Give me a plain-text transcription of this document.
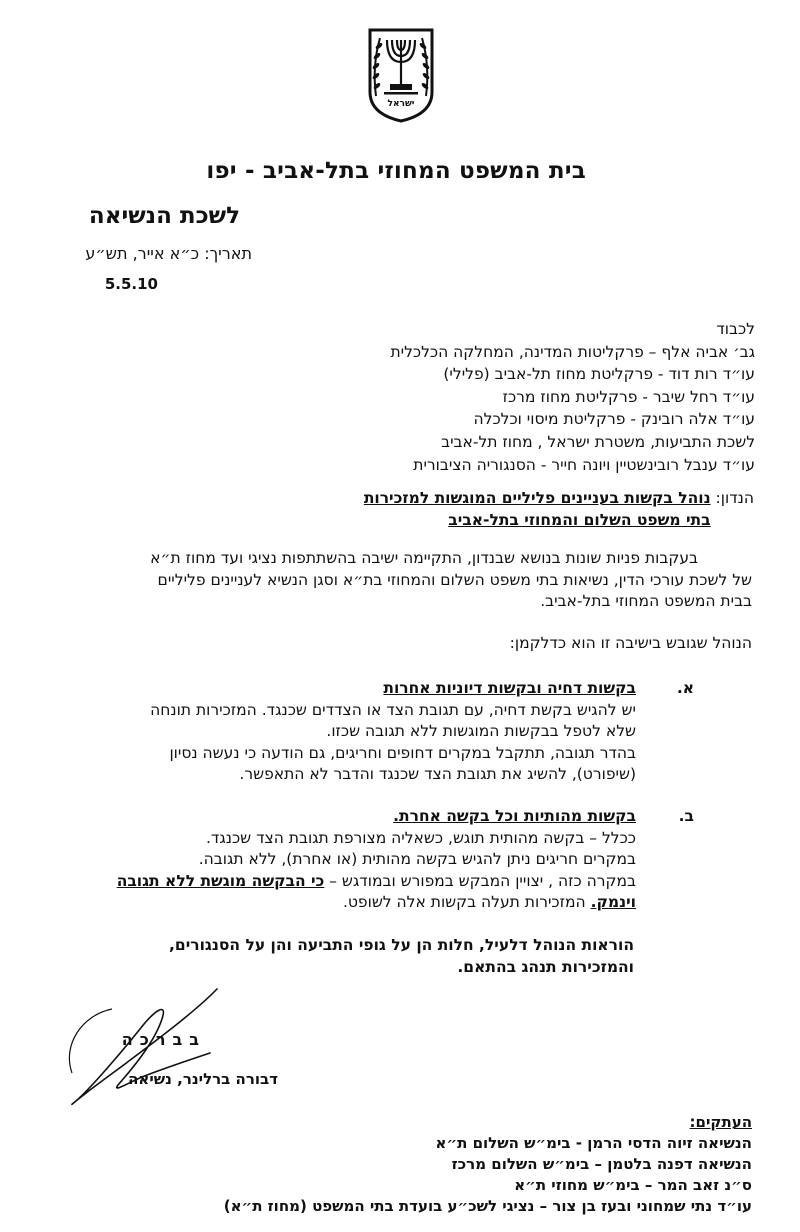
ישראל
בית המשפט המחוזי בתל-אביב - יפו
לשכת הנשיאה
תאריך: כ״א אייר, תש״ע
5.5.10
לכבוד
גב׳ אביה אלף – פרקליטות המדינה, המחלקה הכלכלית
עו״ד רות דוד - פרקליטת מחוז תל-אביב (פלילי)
עו״ד רחל שיבר - פרקליטת מחוז מרכז
עו״ד אלה רובינק - פרקליטת מיסוי וכלכלה
לשכת התביעות, משטרת ישראל , מחוז תל-אביב
עו״ד ענבל רובינשטיין ויונה חייר - הסנגוריה הציבורית
הנדון:
נוהל בקשות בעניינים פליליים המוגשות למזכירות
בתי משפט השלום והמחוזי בתל-אביב

בעקבות פניות שונות בנושא שבנדון, התקיימה ישיבה בהשתתפות נציגי ועד מחוז ת״א

של לשכת עורכי הדין, נשיאות בתי משפט השלום והמחוזי בת״א וסגן הנשיא לעניינים פליליים

בבית המשפט המחוזי בתל-אביב.

הנוהל שגובש בישיבה זו הוא כדלקמן:
א.
בקשות דחיה ובקשות דיוניות אחרות
יש להגיש בקשת דחיה, עם תגובת הצד או הצדדים שכנגד. המזכירות תונחה
שלא לטפל בבקשות המוגשות ללא תגובה שכזו.
בהדר תגובה, תתקבל במקרים דחופים וחריגים, גם הודעה כי נעשה נסיון
(שיפורט), להשיג את תגובת הצד שכנגד והדבר לא התאפשר.
ב.
בקשות מהותיות וכל בקשה אחרת.
ככלל – בקשה מהותית תוגש, כשאליה מצורפת תגובת הצד שכנגד.
במקרים חריגים ניתן להגיש בקשה מהותית (או אחרת), ללא תגובה.
במקרה כזה , יצויין המבקש במפורש ובמודגש – כי הבקשה מוגשת ללא תגובה
וינמק. המזכירות תעלה בקשות אלה לשופט.
הוראות הנוהל דלעיל, חלות הן על גופי התביעה והן על הסנגורים,
והמזכירות תנהג בהתאם.
בברכה
דבורה ברלינר, נשיאה
העתקים:
הנשיאה זיוה הדסי הרמן - בימ״ש השלום ת״א
הנשיאה דפנה בלטמן – בימ״ש השלום מרכז
ס״נ זאב המר – בימ״ש מחוזי ת״א
עו״ד נתי שמחוני ובעז בן צור – נציגי לשכ״ע בועדת בתי המשפט (מחוז ת״א)
